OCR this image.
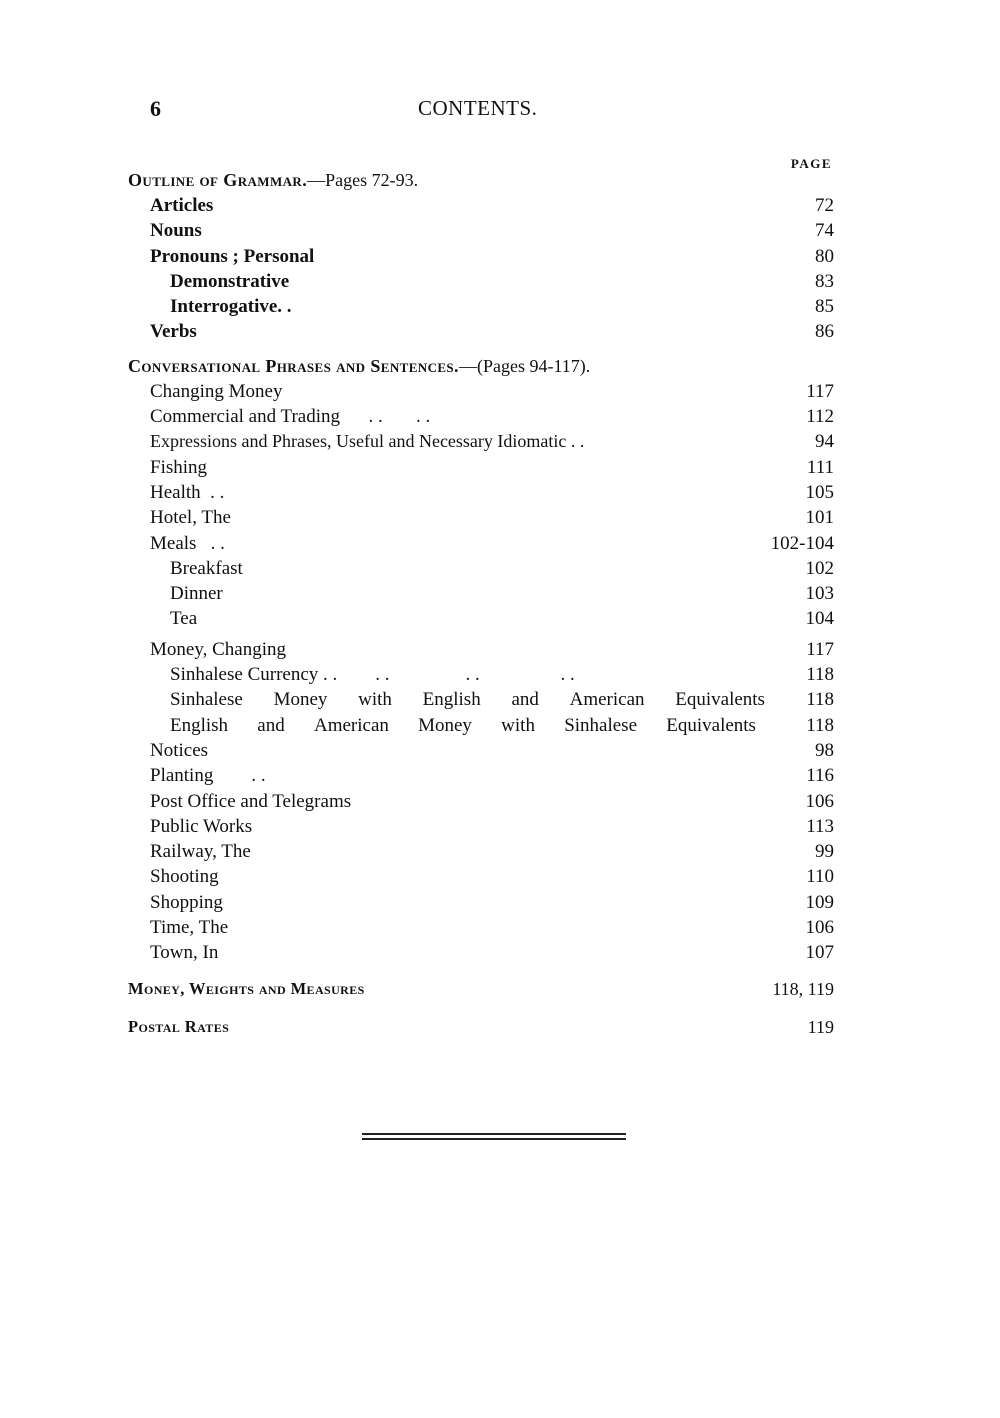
6	CONTENTS.
PAGE
Outline of Grammar.—Pages 72-93.
Articles	72
Nouns	74
Pronouns ; Personal	80
Demonstrative	83
Interrogative. .	85
Verbs	86
Conversational Phrases and Sentences.—(Pages 94-117).
Changing Money	117
Commercial and Trading      . .       . .	112
Expressions and Phrases, Useful and Necessary Idiomatic . .	94
Fishing	111
Health  . .	105
Hotel, The	101
Meals   . .	102-104
Breakfast	102
Dinner	103
Tea	104
Money, Changing	117
Sinhalese Currency . .        . .                . .                 . .	118
Sinhalese Money with English and American Equivalents 118
English and American Money with Sinhalese Equivalents	118
Notices	98
Planting        . .	116
Post Office and Telegrams	106
Public Works	113
Railway, The	99
Shooting	110
Shopping	109
Time, The	106
Town, In	107
Money, Weights and Measures	118, 119
Postal Rates	119
